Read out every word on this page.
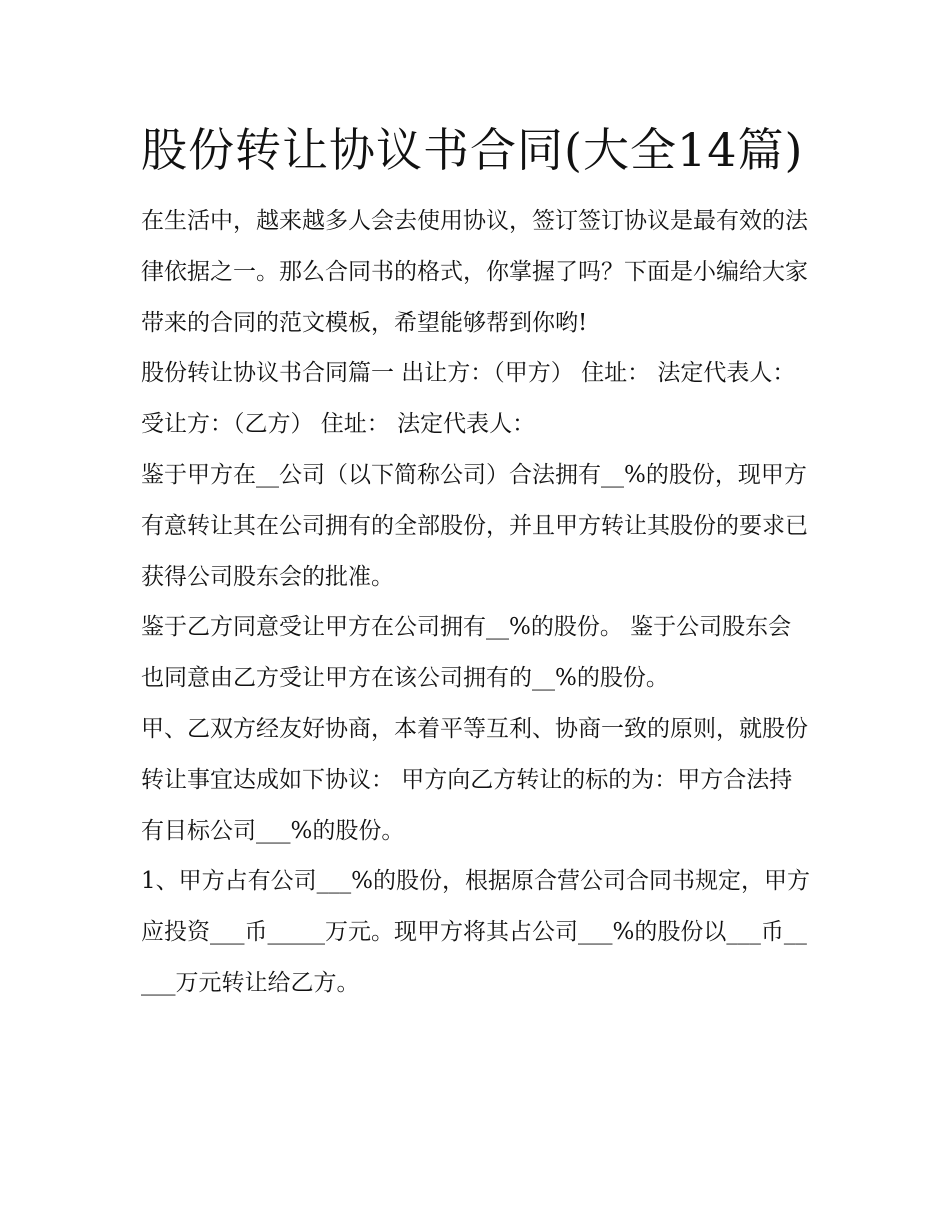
股份转让协议书合同(大全14篇)

在生活中，越来越多人会去使用协议，签订签订协议是最有效的法律依据之一。那么合同书的格式，你掌握了吗？下面是小编给大家带来的合同的范文模板，希望能够帮到你哟!

股份转让协议书合同篇一 出让方：（甲方） 住址： 法定代表人： 受让方：（乙方） 住址： 法定代表人：

鉴于甲方在__公司（以下简称公司）合法拥有__%的股份，现甲方有意转让其在公司拥有的全部股份，并且甲方转让其股份的要求已获得公司股东会的批准。

鉴于乙方同意受让甲方在公司拥有__%的股份。 鉴于公司股东会也同意由乙方受让甲方在该公司拥有的__%的股份。

甲、乙双方经友好协商，本着平等互利、协商一致的原则，就股份转让事宜达成如下协议： 甲方向乙方转让的标的为：甲方合法持有目标公司___%的股份。

1、甲方占有公司___%的股份，根据原合营公司合同书规定，甲方应投资___币_____万元。现甲方将其占公司___%的股份以___币_____万元转让给乙方。
